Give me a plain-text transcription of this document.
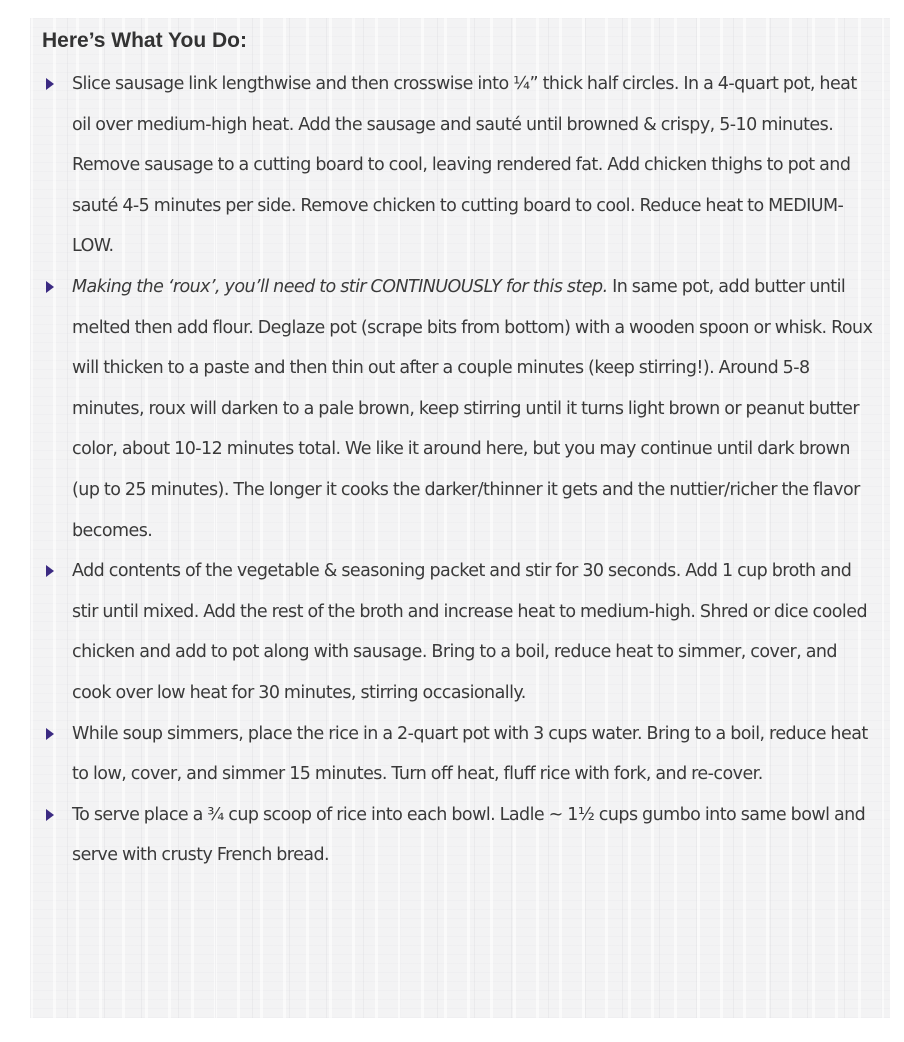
Here’s What You Do:
Slice sausage link lengthwise and then crosswise into ¼” thick half circles. In a 4-quart pot, heat oil over medium-high heat. Add the sausage and sauté until browned & crispy, 5-10 minutes. Remove sausage to a cutting board to cool, leaving rendered fat. Add chicken thighs to pot and sauté 4-5 minutes per side. Remove chicken to cutting board to cool. Reduce heat to MEDIUM-LOW.
Making the ‘roux’, you’ll need to stir CONTINUOUSLY for this step. In same pot, add butter until melted then add flour. Deglaze pot (scrape bits from bottom) with a wooden spoon or whisk. Roux will thicken to a paste and then thin out after a couple minutes (keep stirring!). Around 5-8 minutes, roux will darken to a pale brown, keep stirring until it turns light brown or peanut butter color, about 10-12 minutes total. We like it around here, but you may continue until dark brown (up to 25 minutes). The longer it cooks the darker/thinner it gets and the nuttier/richer the flavor becomes.
Add contents of the vegetable & seasoning packet and stir for 30 seconds. Add 1 cup broth and stir until mixed. Add the rest of the broth and increase heat to medium-high. Shred or dice cooled chicken and add to pot along with sausage. Bring to a boil, reduce heat to simmer, cover, and cook over low heat for 30 minutes, stirring occasionally.
While soup simmers, place the rice in a 2-quart pot with 3 cups water. Bring to a boil, reduce heat to low, cover, and simmer 15 minutes. Turn off heat, fluff rice with fork, and re-cover.
To serve place a ¾ cup scoop of rice into each bowl. Ladle ~ 1½ cups gumbo into same bowl and serve with crusty French bread.
